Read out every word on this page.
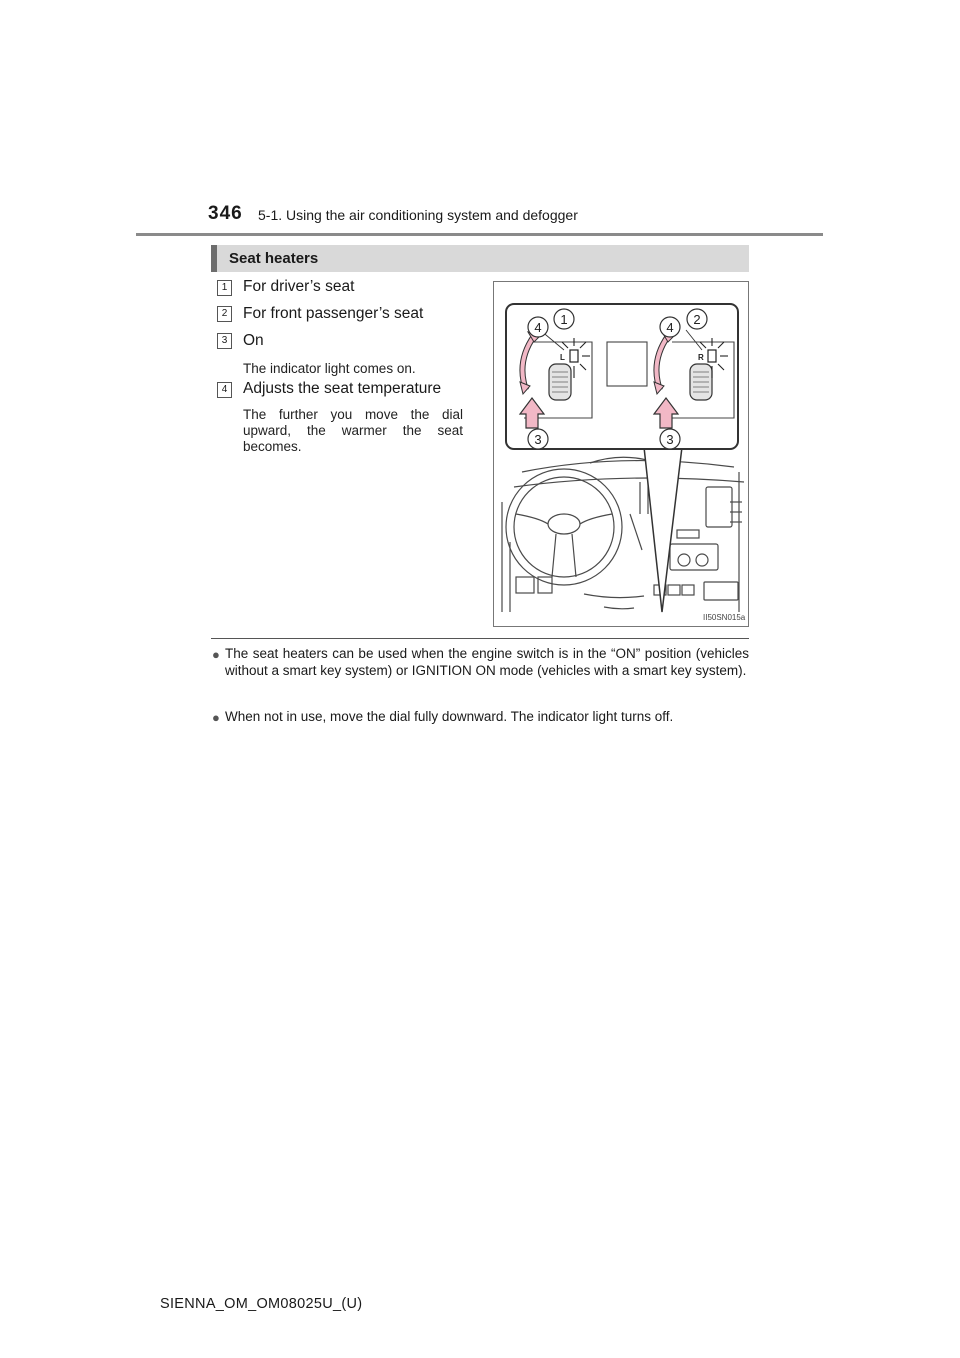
346 5-1. Using the air conditioning system and defogger
Seat heaters
1	For driver’s seat
2	For front passenger’s seat
3	On
The indicator light comes on.
4	Adjusts the seat temperature
The further you move the dial upward, the warmer the seat becomes.
L	R
4
1
4
2
3	3
II50SN015a
● The seat heaters can be used when the engine switch is in the “ON” position (vehicles without a smart key system) or IGNITION ON mode (vehicles with a smart key system).
● When not in use, move the dial fully downward. The indicator light turns off.
SIENNA_OM_OM08025U_(U)
